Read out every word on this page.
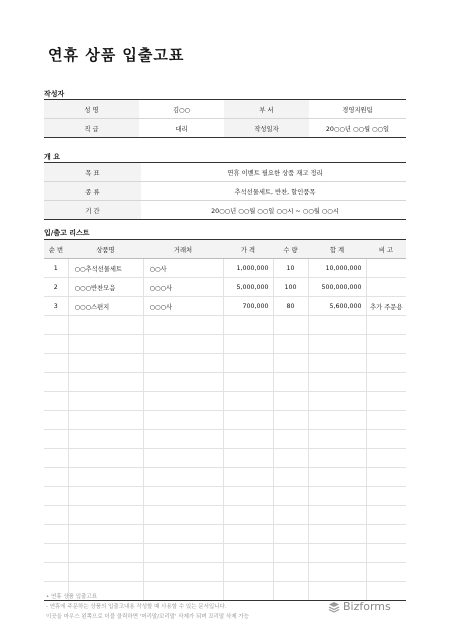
연휴 상품 입출고표
작성자
성 명	김○○	부 서	경영지원팀
직 급	대리	작성일자	20○○년 ○○월 ○○일
개 요
목 표	연휴 이벤트 필요한 상품 재고 정리
종 류	추석선물세트, 반찬, 할인품목
기 간	20○○년 ○○월 ○○일 ○○시 ~ ○○월 ○○시
입/출고 리스트
순 번	상품명	거래처	가 격	수 량	합 계	비 고
1	○○추석선물세트	○○사	1,000,000	10	10,000,000	
2	○○○반찬모음	○○○사	5,000,000	100	500,000,000	
3	○○○스편지	○○○사	700,000	80	5,600,000	추가 주문용

• 연휴 상품 입출고표
- 연휴에 주문하는 상품의 입출고내용 작성할 때 사용할 수 있는 문서입니다.
이곳을 마우스 왼쪽으로 더블 클릭하면 '머리말/꼬리말' 삭제가 되며 꼬리말 삭제 가능
Bizforms
